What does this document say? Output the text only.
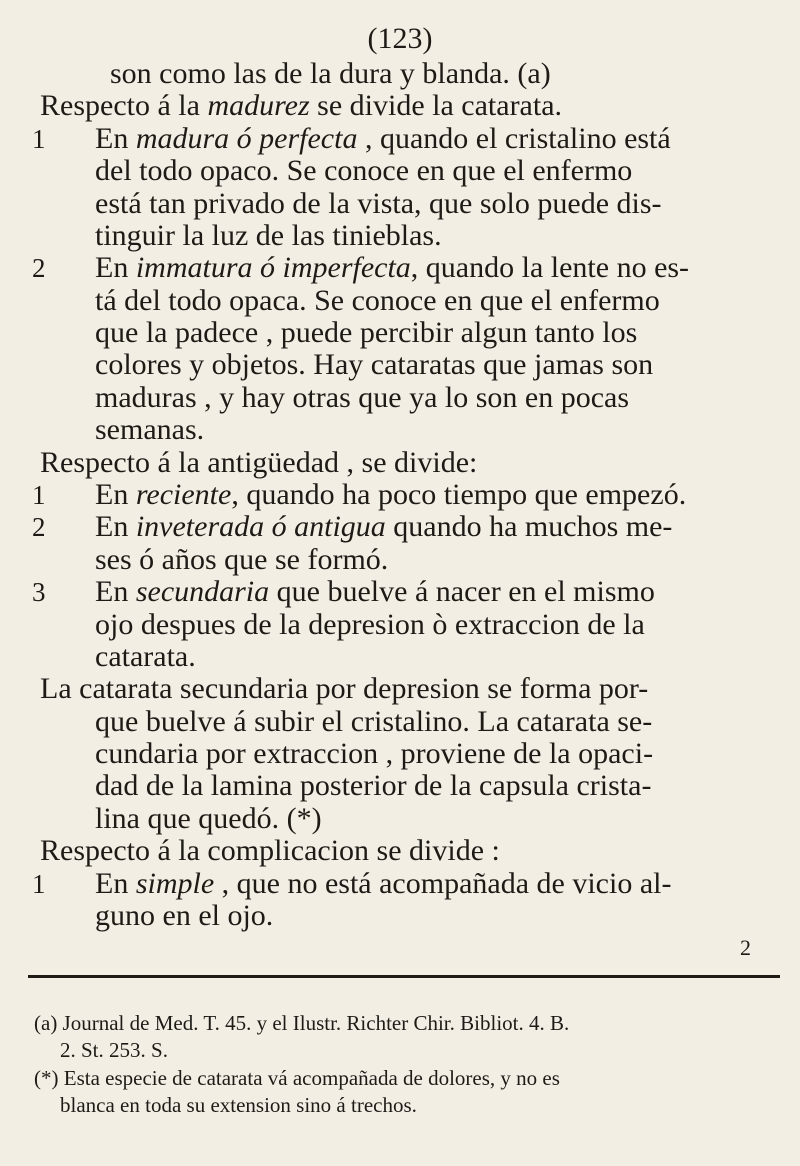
(123)
son como las de la dura y blanda. (a)
Respecto á la madurez se divide la catarata.
1 En madura ó perfecta , quando el cristalino está
del todo opaco. Se conoce en que el enfermo
está tan privado de la vista, que solo puede dis-
tinguir la luz de las tinieblas.
2 En immatura ó imperfecta, quando la lente no es-
tá del todo opaca. Se conoce en que el enfermo
que la padece , puede percibir algun tanto los
colores y objetos. Hay cataratas que jamas son
maduras , y hay otras que ya lo son en pocas
semanas.
Respecto á la antigüedad , se divide:
1 En reciente, quando ha poco tiempo que empezó.
2 En inveterada ó antigua quando ha muchos me-
ses ó años que se formó.
3 En secundaria que buelve á nacer en el mismo
ojo despues de la depresion ò extraccion de la
catarata.
La catarata secundaria por depresion se forma por-
que buelve á subir el cristalino. La catarata se-
cundaria por extraccion , proviene de la opaci-
dad de la lamina posterior de la capsula crista-
lina que quedó. (*)
Respecto á la complicacion se divide :
1 En simple , que no está acompañada de vicio al-
guno en el ojo.
2
(a) Journal de Med. T. 45. y el Ilustr. Richter Chir. Bibliot. 4. B.
2. St. 253. S.
(*) Esta especie de catarata vá acompañada de dolores, y no es
blanca en toda su extension sino á trechos.
